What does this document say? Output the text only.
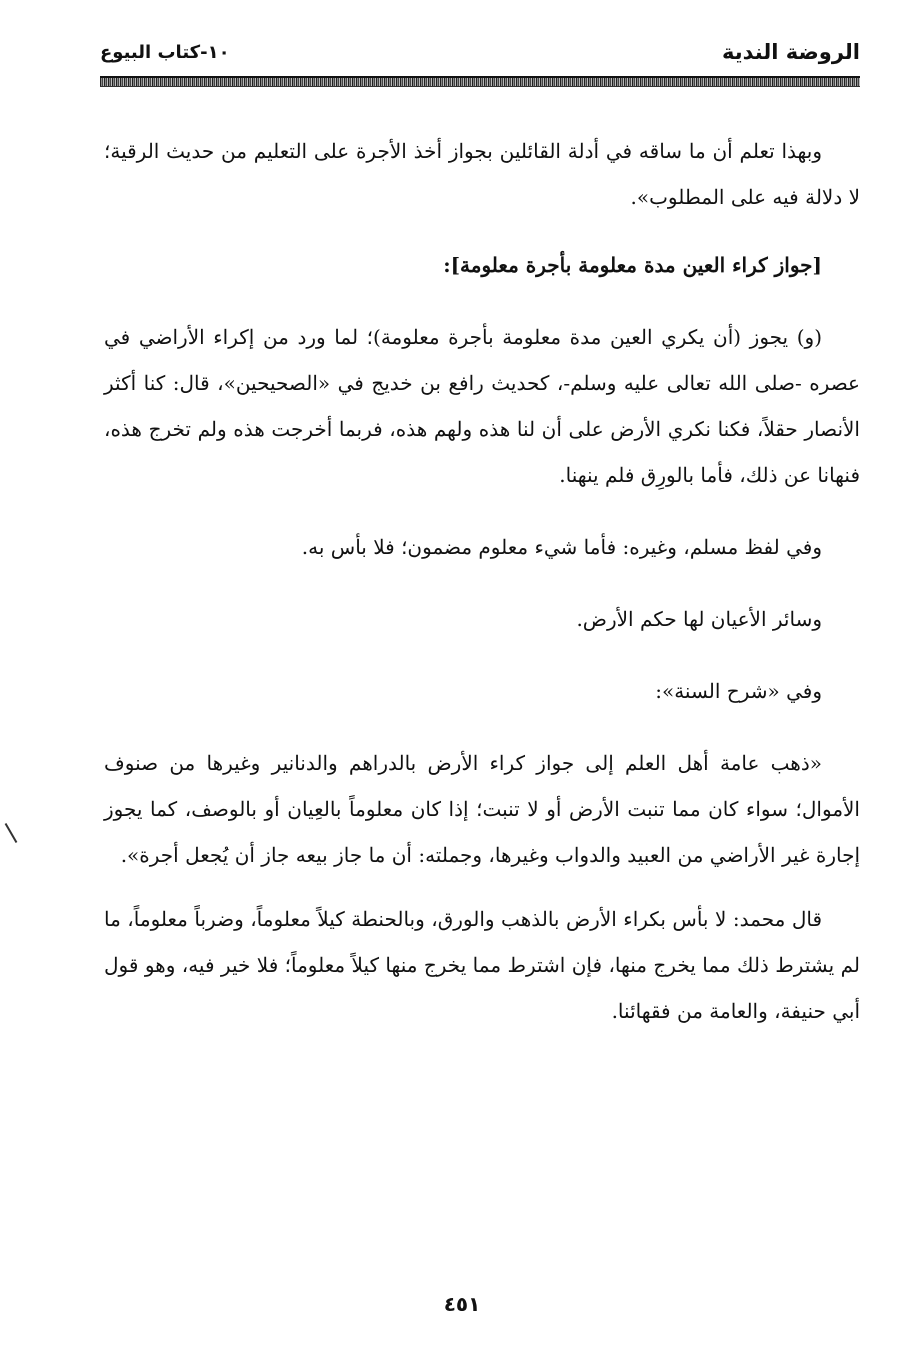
الروضة الندية
١٠-كتاب البيوع

وبهذا تعلم أن ما ساقه في أدلة القائلين بجواز أخذ الأجرة على التعليم من حديث الرقية؛ لا دلالة فيه على المطلوب».

[جواز كراء العين مدة معلومة بأجرة معلومة]:

(و) يجوز (أن يكري العين مدة معلومة بأجرة معلومة)؛ لما ورد من إكراء الأراضي في عصره -صلى الله تعالى عليه وسلم-، كحديث رافع بن خديج في «الصحيحين»، قال: كنا أكثر الأنصار حقلاً، فكنا نكري الأرض على أن لنا هذه ولهم هذه، فربما أخرجت هذه ولم تخرج هذه، فنهانا عن ذلك، فأما بالورِق فلم ينهنا.

وفي لفظ مسلم، وغيره: فأما شيء معلوم مضمون؛ فلا بأس به.

وسائر الأعيان لها حكم الأرض.

وفي «شرح السنة»:

«ذهب عامة أهل العلم إلى جواز كراء الأرض بالدراهم والدنانير وغيرها من صنوف الأموال؛ سواء كان مما تنبت الأرض أو لا تنبت؛ إذا كان معلوماً بالعِيان أو بالوصف، كما يجوز إجارة غير الأراضي من العبيد والدواب وغيرها، وجملته: أن ما جاز بيعه جاز أن يُجعل أجرة».

قال محمد: لا بأس بكراء الأرض بالذهب والورق، وبالحنطة كيلاً معلوماً، وضرباً معلوماً، ما لم يشترط ذلك مما يخرج منها، فإن اشترط مما يخرج منها كيلاً معلوماً؛ فلا خير فيه، وهو قول أبي حنيفة، والعامة من فقهائنا.

٤٥١
